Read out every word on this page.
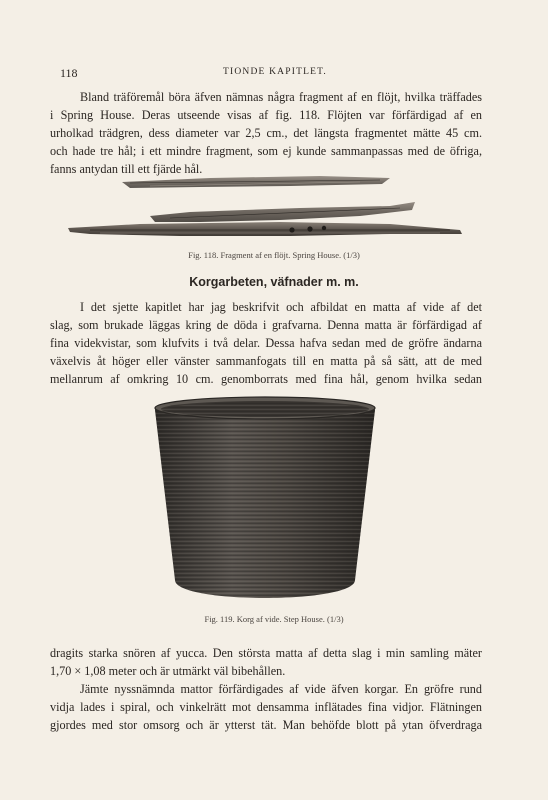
118	TIONDE KAPITLET.

Bland träföremål böra äfven nämnas några fragment af en flöjt, hvilka träffades
i Spring House. Deras utseende visas af fig. 118. Flöjten var förfärdigad af en
urholkad trädgren, dess diameter var 2,5 cm., det längsta fragmentet mätte 45 cm.
och hade tre hål; i ett mindre fragment, som ej kunde sammanpassas med de öfriga,
fanns antydan till ett fjärde hål.

Fig. 118. Fragment af en flöjt. Spring House. (1/3)
Korgarbeten, väfnader m. m.

I det sjette kapitlet har jag beskrifvit och afbildat en matta af vide af det
slag, som brukade läggas kring de döda i grafvarna. Denna matta är förfärdigad af
fina videkvistar, som klufvits i två delar. Dessa hafva sedan med de gröfre ändarna
växelvis åt höger eller vänster sammanfogats till en matta på så sätt, att de med
mellanrum af omkring 10 cm. genomborrats med fina hål, genom hvilka sedan

Fig. 119. Korg af vide. Step House. (1/3)

dragits starka snören af yucca. Den största matta af detta slag i min samling mäter
1,70 × 1,08 meter och är utmärkt väl bibehållen.
Jämte nyssnämnda mattor förfärdigades af vide äfven korgar. En gröfre rund
vidja lades i spiral, och vinkelrätt mot densamma inflätades fina vidjor. Flätningen
gjordes med stor omsorg och är ytterst tät. Man behöfde blott på ytan öfverdraga
